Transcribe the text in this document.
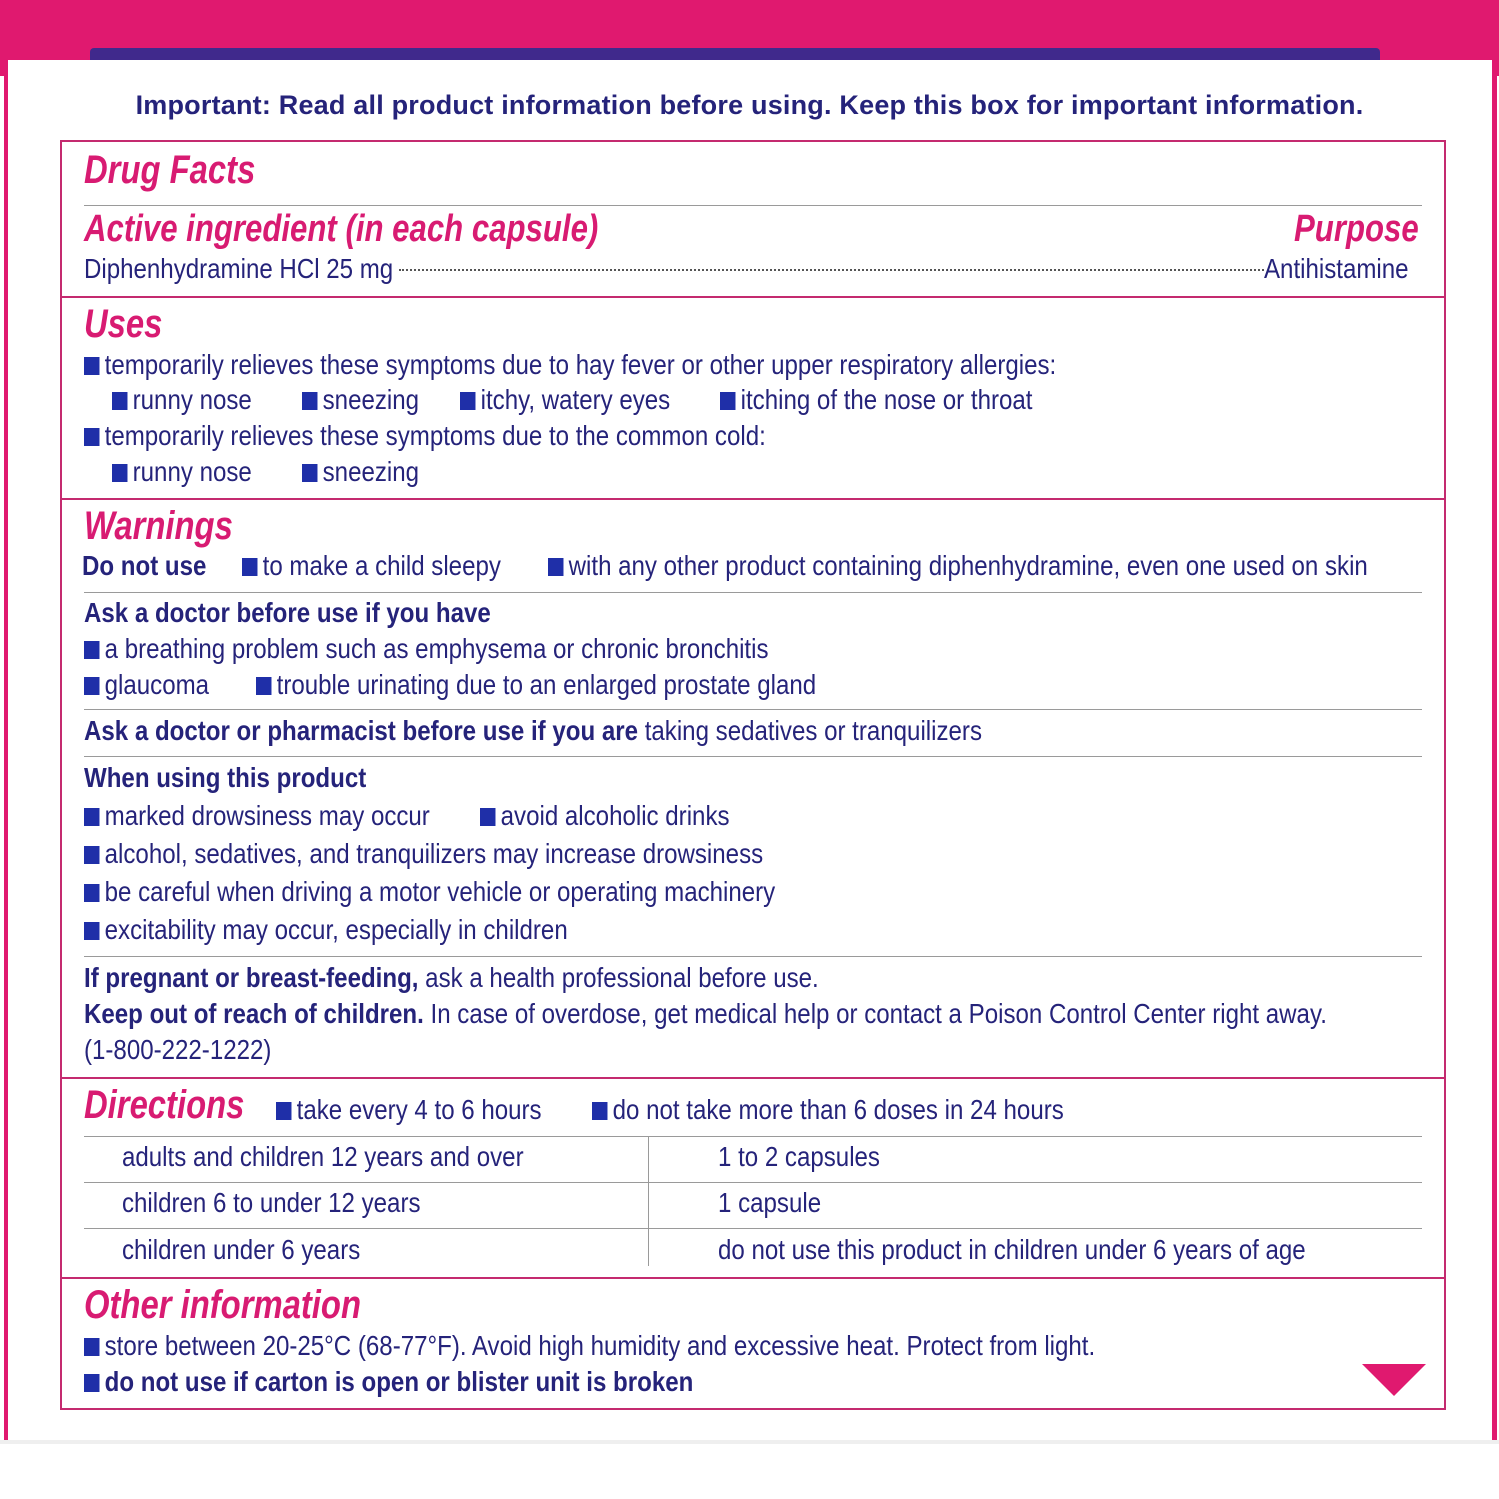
Important: Read all product information before using. Keep this box for important information.
Drug Facts
Active ingredient (in each capsule)	Purpose
Diphenhydramine HCl 25 mg	Antihistamine
Uses
temporarily relieves these symptoms due to hay fever or other upper respiratory allergies:
runny nose	sneezing	itchy, watery eyes	itching of the nose or throat
temporarily relieves these symptoms due to the common cold:
runny nose	sneezing
Warnings
Do not use	to make a child sleepy	with any other product containing diphenhydramine, even one used on skin
Ask a doctor before use if you have
a breathing problem such as emphysema or chronic bronchitis
glaucoma	trouble urinating due to an enlarged prostate gland
Ask a doctor or pharmacist before use if you are taking sedatives or tranquilizers
When using this product
marked drowsiness may occur	avoid alcoholic drinks
alcohol, sedatives, and tranquilizers may increase drowsiness
be careful when driving a motor vehicle or operating machinery
excitability may occur, especially in children
If pregnant or breast-feeding, ask a health professional before use.
Keep out of reach of children. In case of overdose, get medical help or contact a Poison Control Center right away.
(1-800-222-1222)
Directions	take every 4 to 6 hours	do not take more than 6 doses in 24 hours
adults and children 12 years and over	1 to 2 capsules
children 6 to under 12 years	1 capsule
children under 6 years	do not use this product in children under 6 years of age
Other information
store between 20-25°C (68-77°F). Avoid high humidity and excessive heat. Protect from light.
do not use if carton is open or blister unit is broken
